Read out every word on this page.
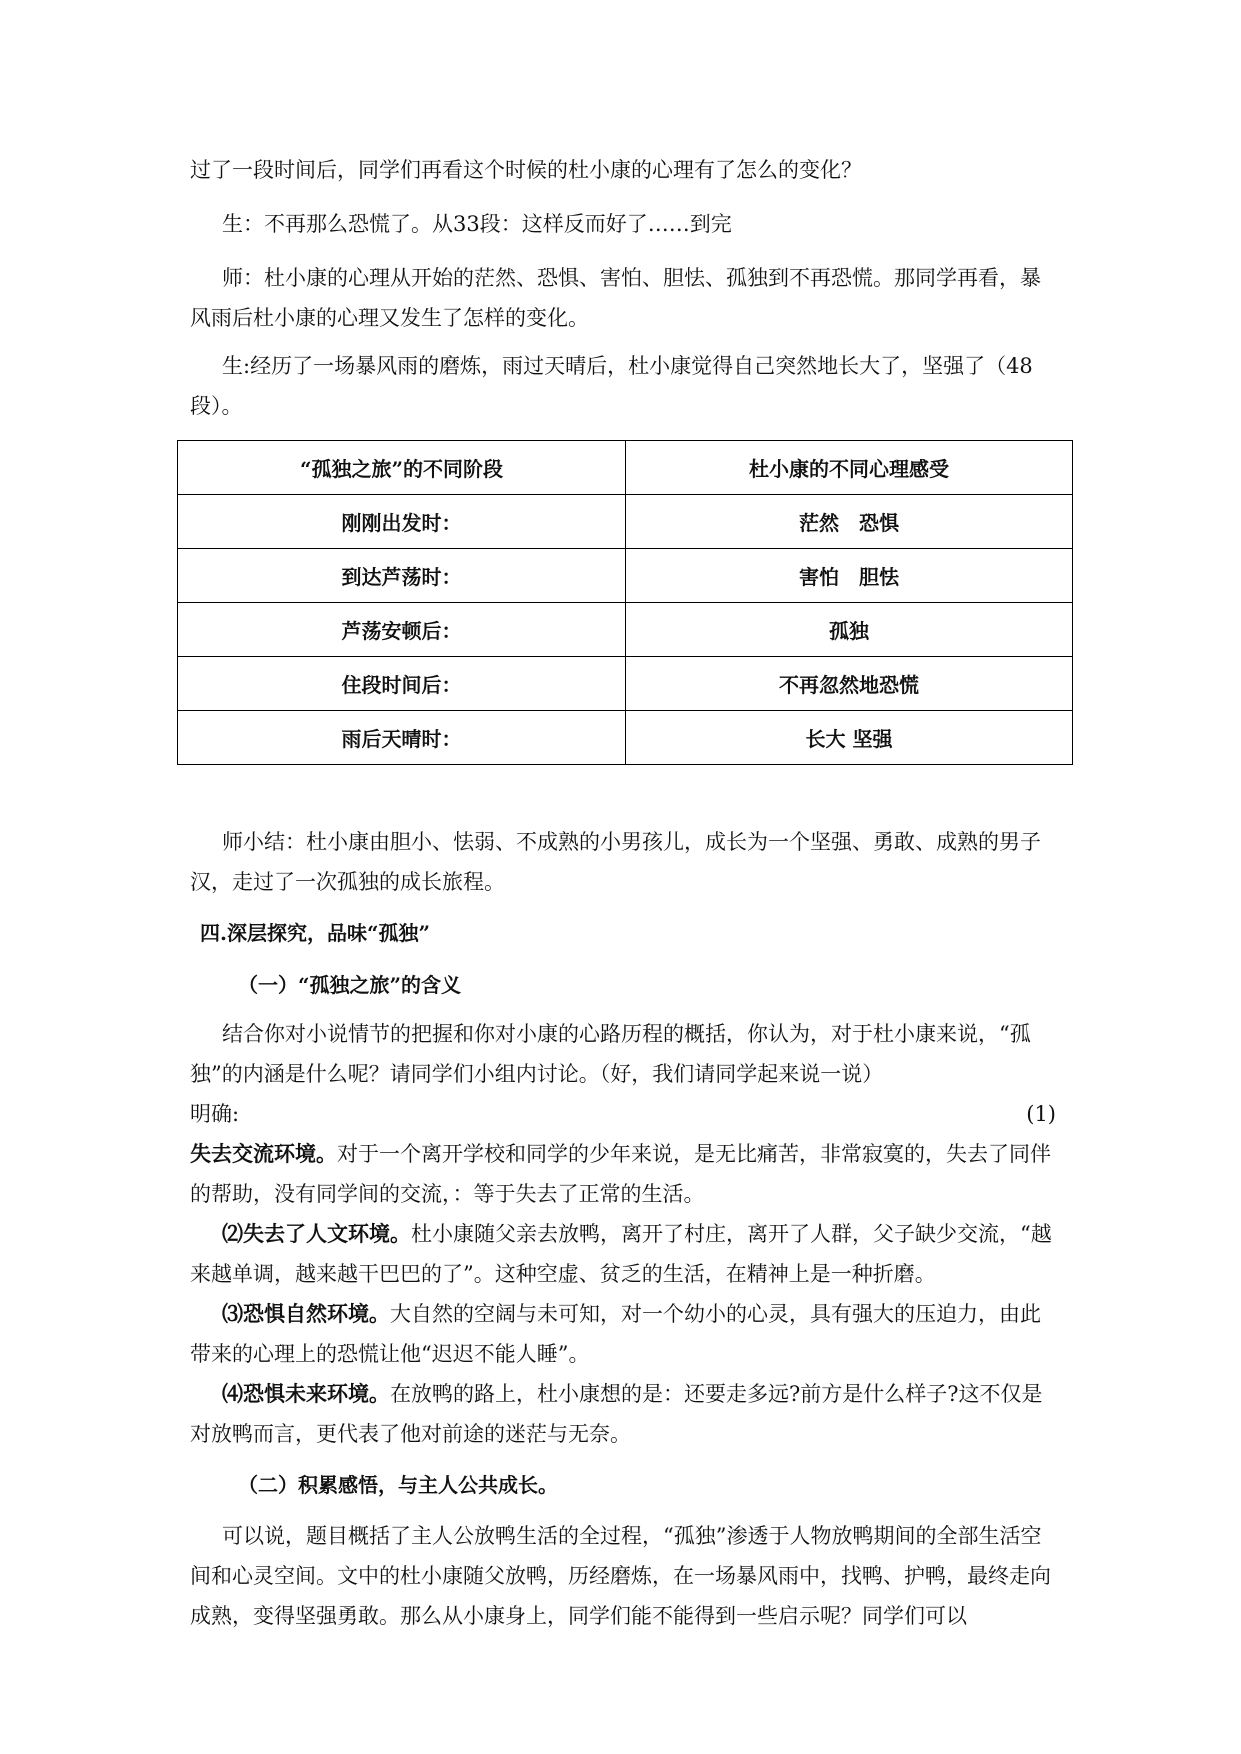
过了一段时间后，同学们再看这个时候的杜小康的心理有了怎么的变化？
生：不再那么恐慌了。从33段：这样反而好了……到完
师：杜小康的心理从开始的茫然、恐惧、害怕、胆怯、孤独到不再恐慌。那同学再看，暴风雨后杜小康的心理又发生了怎样的变化。
生:经历了一场暴风雨的磨炼，雨过天晴后，杜小康觉得自己突然地长大了，坚强了（48段）。
“孤独之旅”的不同阶段	杜小康的不同心理感受
刚刚出发时：	茫然　恐惧
到达芦荡时：	害怕　胆怯
芦荡安顿后：	孤独
住段时间后：	不再忽然地恐慌
雨后天晴时：	长大 坚强
师小结：杜小康由胆小、怯弱、不成熟的小男孩儿，成长为一个坚强、勇敢、成熟的男子汉，走过了一次孤独的成长旅程。
四.深层探究，品味“孤独”
（一）“孤独之旅”的含义
结合你对小说情节的把握和你对小康的心路历程的概括，你认为，对于杜小康来说，“孤独”的内涵是什么呢？请同学们小组内讨论。（好，我们请同学起来说一说）
明确:	(1)
失去交流环境。对于一个离开学校和同学的少年来说，是无比痛苦，非常寂寞的，失去了同伴的帮助，没有同学间的交流，：等于失去了正常的生活。
⑵失去了人文环境。杜小康随父亲去放鸭，离开了村庄，离开了人群，父子缺少交流，“越来越单调，越来越干巴巴的了”。这种空虚、贫乏的生活，在精神上是一种折磨。
⑶恐惧自然环境。大自然的空阔与未可知，对一个幼小的心灵，具有强大的压迫力，由此带来的心理上的恐慌让他“迟迟不能人睡”。
⑷恐惧未来环境。在放鸭的路上，杜小康想的是：还要走多远?前方是什么样子?这不仅是对放鸭而言，更代表了他对前途的迷茫与无奈。
（二）积累感悟，与主人公共成长。
可以说，题目概括了主人公放鸭生活的全过程，“孤独”渗透于人物放鸭期间的全部生活空间和心灵空间。文中的杜小康随父放鸭，历经磨炼，在一场暴风雨中，找鸭、护鸭，最终走向成熟，变得坚强勇敢。那么从小康身上，同学们能不能得到一些启示呢？同学们可以
